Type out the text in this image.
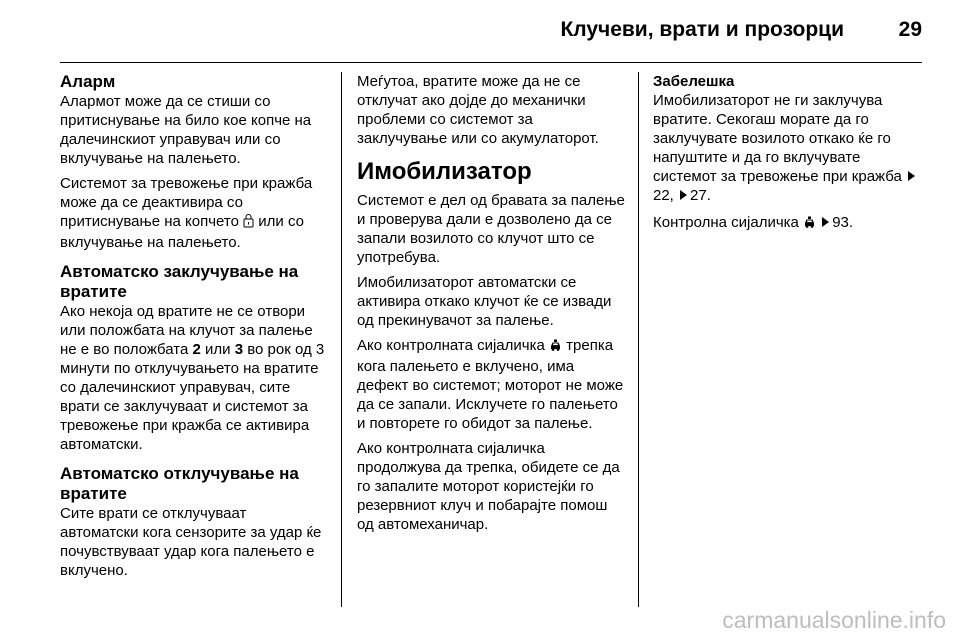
Клучеви, врати и прозорци	29
Аларм

Алармот може да се стиши со притиснување на било кое копче на далечинскиот управувач или со вклучување на палењето.

Системот за тревожење при кражба може да се деактивира со притиснување на копчето или со вклучување на палењето.

Автоматско заклучување на вратите

Ако некоја од вратите не се отвори или положбата на клучот за палење не е во положбата 2 или 3 во рок од 3 минути по отклучувањето на вратите со далечинскиот управувач, сите врати се заклучуваат и системот за тревожење при кражба се активира автоматски.

Автоматско отклучување на вратите

Сите врати се отклучуваат автоматски кога сензорите за удар ќе почувствуваат удар кога палењето е вклучено.

Меѓутоа, вратите може да не се отклучат ако дојде до механички проблеми со системот за заклучување или со акумулаторот.

Имобилизатор

Системот е дел од бравата за палење и проверува дали е дозволено да се запали возилото со клучот што се употребува.

Имобилизаторот автоматски се активира откако клучот ќе се извади од прекинувачот за палење.

Ако контролната сијаличка трепка кога палењето е вклучено, има дефект во системот; моторот не може да се запали. Исклучете го палењето и повторете го обидот за палење.

Ако контролната сијаличка продолжува да трепка, обидете се да го запалите моторот користејќи го резервниот клуч и побарајте помош од автомеханичар.

Забелешка

Имобилизаторот не ги заклучува вратите. Секогаш морате да го заклучувате возилото откако ќе го напуштите и да го вклучувате системот за тревожење при кражба 22, 27.

Контролна сијаличка 93.

carmanualsonline.info
